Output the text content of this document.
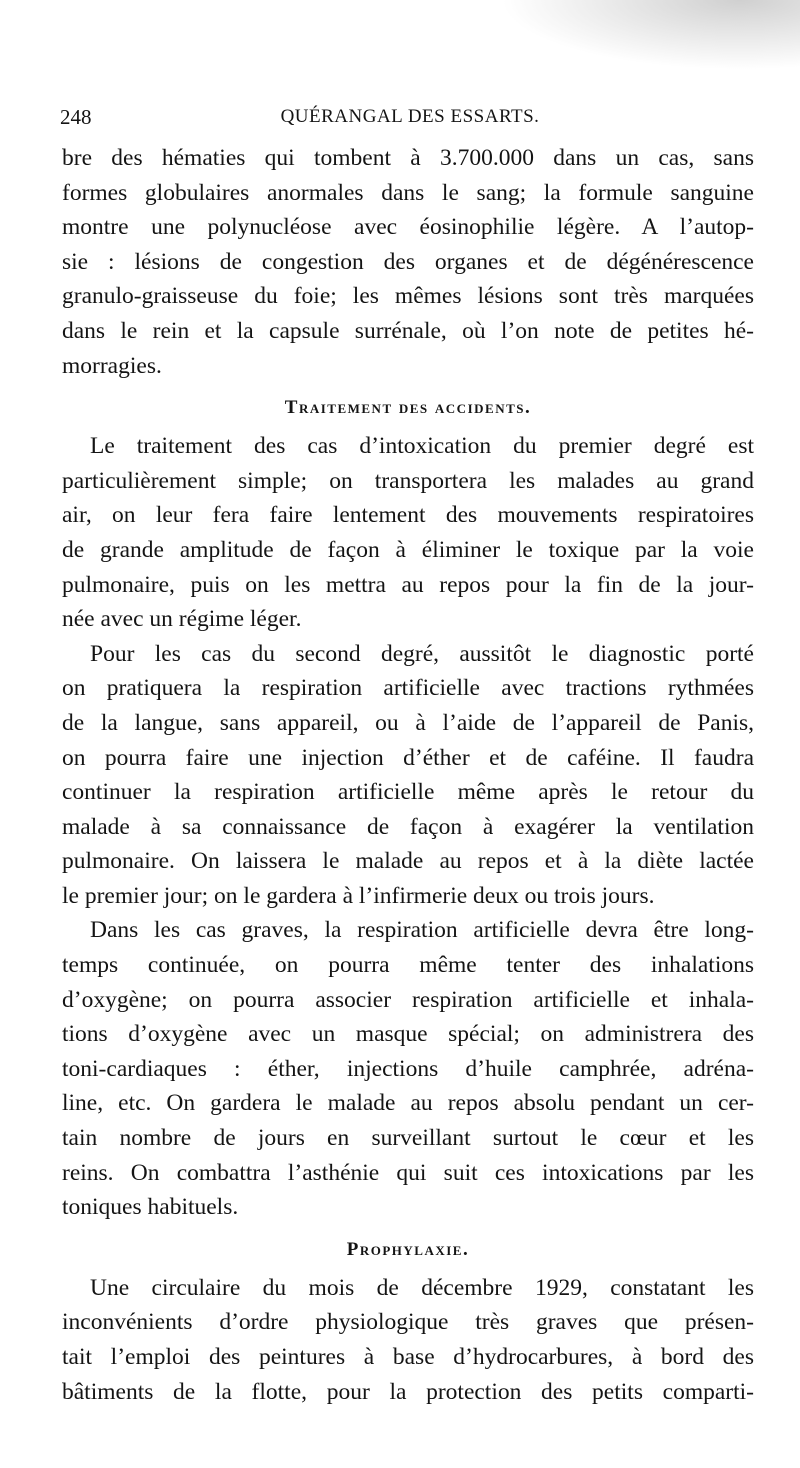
248	QUÉRANGAL DES ESSARTS.
bre des hématies qui tombent à 3.700.000 dans un cas, sans
formes globulaires anormales dans le sang; la formule sanguine
montre une polynucléose avec éosinophilie légère. A l’autop-
sie : lésions de congestion des organes et de dégénérescence
granulo-graisseuse du foie; les mêmes lésions sont très marquées
dans le rein et la capsule surrénale, où l’on note de petites hé-
morragies.
Traitement des accidents.
Le traitement des cas d’intoxication du premier degré est
particulièrement simple; on transportera les malades au grand
air, on leur fera faire lentement des mouvements respiratoires
de grande amplitude de façon à éliminer le toxique par la voie
pulmonaire, puis on les mettra au repos pour la fin de la jour-
née avec un régime léger.
Pour les cas du second degré, aussitôt le diagnostic porté
on pratiquera la respiration artificielle avec tractions rythmées
de la langue, sans appareil, ou à l’aide de l’appareil de Panis,
on pourra faire une injection d’éther et de caféine. Il faudra
continuer la respiration artificielle même après le retour du
malade à sa connaissance de façon à exagérer la ventilation
pulmonaire. On laissera le malade au repos et à la diète lactée
le premier jour; on le gardera à l’infirmerie deux ou trois jours.
Dans les cas graves, la respiration artificielle devra être long-
temps continuée, on pourra même tenter des inhalations
d’oxygène; on pourra associer respiration artificielle et inhala-
tions d’oxygène avec un masque spécial; on administrera des
toni-cardiaques : éther, injections d’huile camphrée, adréna-
line, etc. On gardera le malade au repos absolu pendant un cer-
tain nombre de jours en surveillant surtout le cœur et les
reins. On combattra l’asthénie qui suit ces intoxications par les
toniques habituels.
Prophylaxie.
Une circulaire du mois de décembre 1929, constatant les
inconvénients d’ordre physiologique très graves que présen-
tait l’emploi des peintures à base d’hydrocarbures, à bord des
bâtiments de la flotte, pour la protection des petits comparti-
